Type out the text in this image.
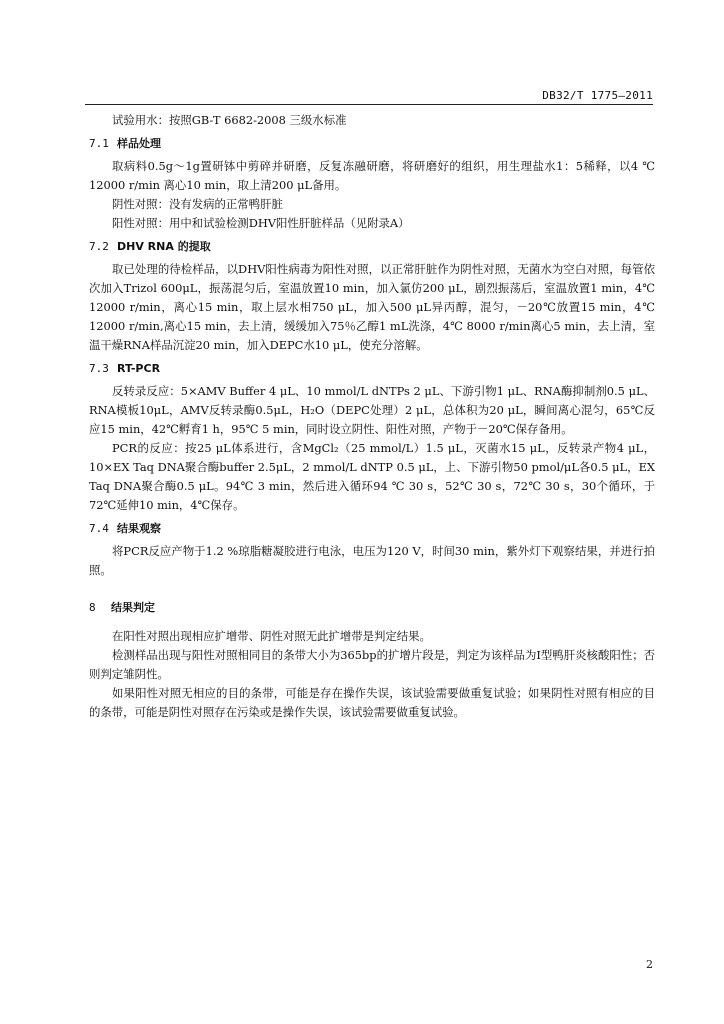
DB32/T 1775—2011

试验用水：按照GB-T 6682-2008 三级水标准

7.1 样品处理

取病料0.5g～1g置研钵中剪碎并研磨，反复冻融研磨，将研磨好的组织，用生理盐水1：5稀释，以4 ℃ 12000 r/min 离心10 min，取上清200 μL备用。

阴性对照：没有发病的正常鸭肝脏

阳性对照：用中和试验检测DHV阳性肝脏样品（见附录A）

7.2 DHV RNA 的提取

取已处理的待检样品，以DHV阳性病毒为阳性对照，以正常肝脏作为阴性对照，无菌水为空白对照，每管依次加入Trizol 600μL，振荡混匀后，室温放置10 min，加入氯仿200 μL，剧烈振荡后，室温放置1 min，4℃ 12000 r/min，离心15 min，取上层水相750 μL，加入500 μL异丙醇，混匀，－20℃放置15 min，4℃ 12000 r/min,离心15 min，去上清，缓缓加入75％乙醇1 mL洗涤，4℃ 8000 r/min离心5 min，去上清，室温干燥RNA样品沉淀20 min，加入DEPC水10 μL，使充分溶解。

7.3 RT-PCR

反转录反应：5×AMV Buffer 4 μL、10 mmol/L dNTPs 2 μL、下游引物1 μL、RNA酶抑制剂0.5 μL、RNA模板10μL，AMV反转录酶0.5μL，H₂O（DEPC处理）2 μL，总体积为20 μL，瞬间离心混匀，65℃反应15 min，42℃孵育1 h，95℃ 5 min，同时设立阴性、阳性对照，产物于－20℃保存备用。

PCR的反应：按25 μL体系进行，含MgCl₂（25 mmol/L）1.5 μL，灭菌水15 μL，反转录产物4 μL，10×EX Taq DNA聚合酶buffer 2.5μL，2 mmol/L dNTP 0.5 μL，上、下游引物50 pmol/μL各0.5 μL，EX Taq DNA聚合酶0.5 μL。94℃ 3 min，然后进入循环94 ℃ 30 s，52℃ 30 s，72℃ 30 s，30个循环，于72℃延伸10 min，4℃保存。

7.4 结果观察

将PCR反应产物于1.2 %琼脂糖凝胶进行电泳，电压为120 V，时间30 min，紫外灯下观察结果，并进行拍照。

8 结果判定

在阳性对照出现相应扩增带、阴性对照无此扩增带是判定结果。

检测样品出现与阳性对照相同目的条带大小为365bp的扩增片段是，判定为该样品为Ⅰ型鸭肝炎核酸阳性；否则判定雏阴性。

如果阳性对照无相应的目的条带，可能是存在操作失误，该试验需要做重复试验；如果阴性对照有相应的目的条带，可能是阴性对照存在污染或是操作失误，该试验需要做重复试验。

2
